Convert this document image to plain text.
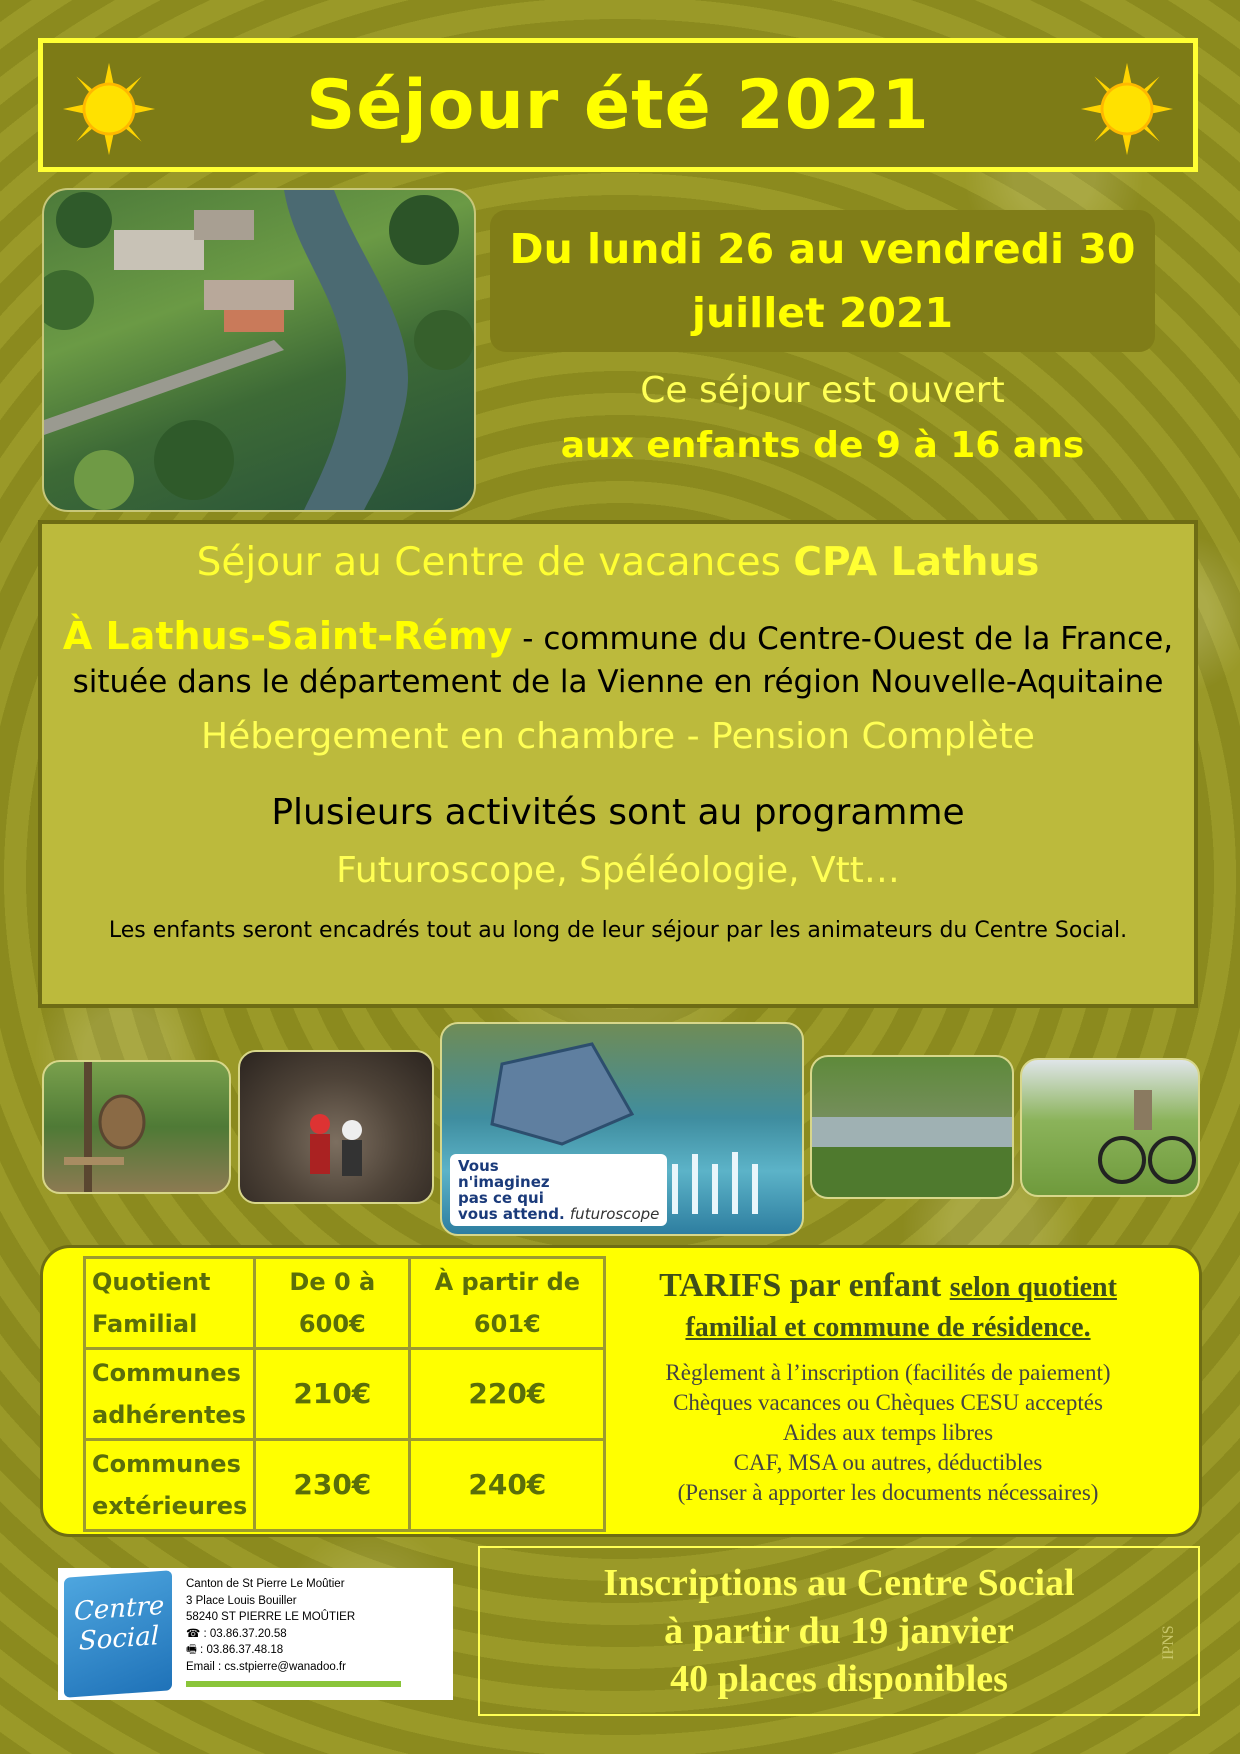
Séjour été 2021
Du lundi 26 au vendredi 30
juillet 2021
Ce séjour est ouvert
aux enfants de 9 à 16 ans
Séjour au Centre de vacances CPA Lathus
À Lathus-Saint-Rémy - commune du Centre-Ouest de la France,
située dans le département de la Vienne en région Nouvelle-Aquitaine
Hébergement en chambre - Pension Complète
Plusieurs activités sont au programme
Futuroscope, Spéléologie, Vtt…
Les enfants seront encadrés tout au long de leur séjour par les animateurs du Centre Social.
Vous
n'imaginez
pas ce qui
vous attend. futuroscope
Quotient Familial	De 0 à 600€	À partir de 601€
Communes adhérentes	210€	220€
Communes extérieures	230€	240€
TARIFS par enfant selon quotient
familial et commune de résidence.
Règlement à l’inscription (facilités de paiement)
Chèques vacances ou Chèques CESU acceptés
Aides aux temps libres
CAF, MSA ou autres, déductibles
(Penser à apporter les documents nécessaires)
Centre
Social
Canton de St Pierre Le Moûtier
3 Place Louis Bouiller
58240 ST PIERRE LE MOÛTIER
☎ : 03.86.37.20.58
🖷 : 03.86.37.48.18
Email : cs.stpierre@wanadoo.fr
Inscriptions au Centre Social
à partir du 19 janvier
40 places disponibles
IPNS
